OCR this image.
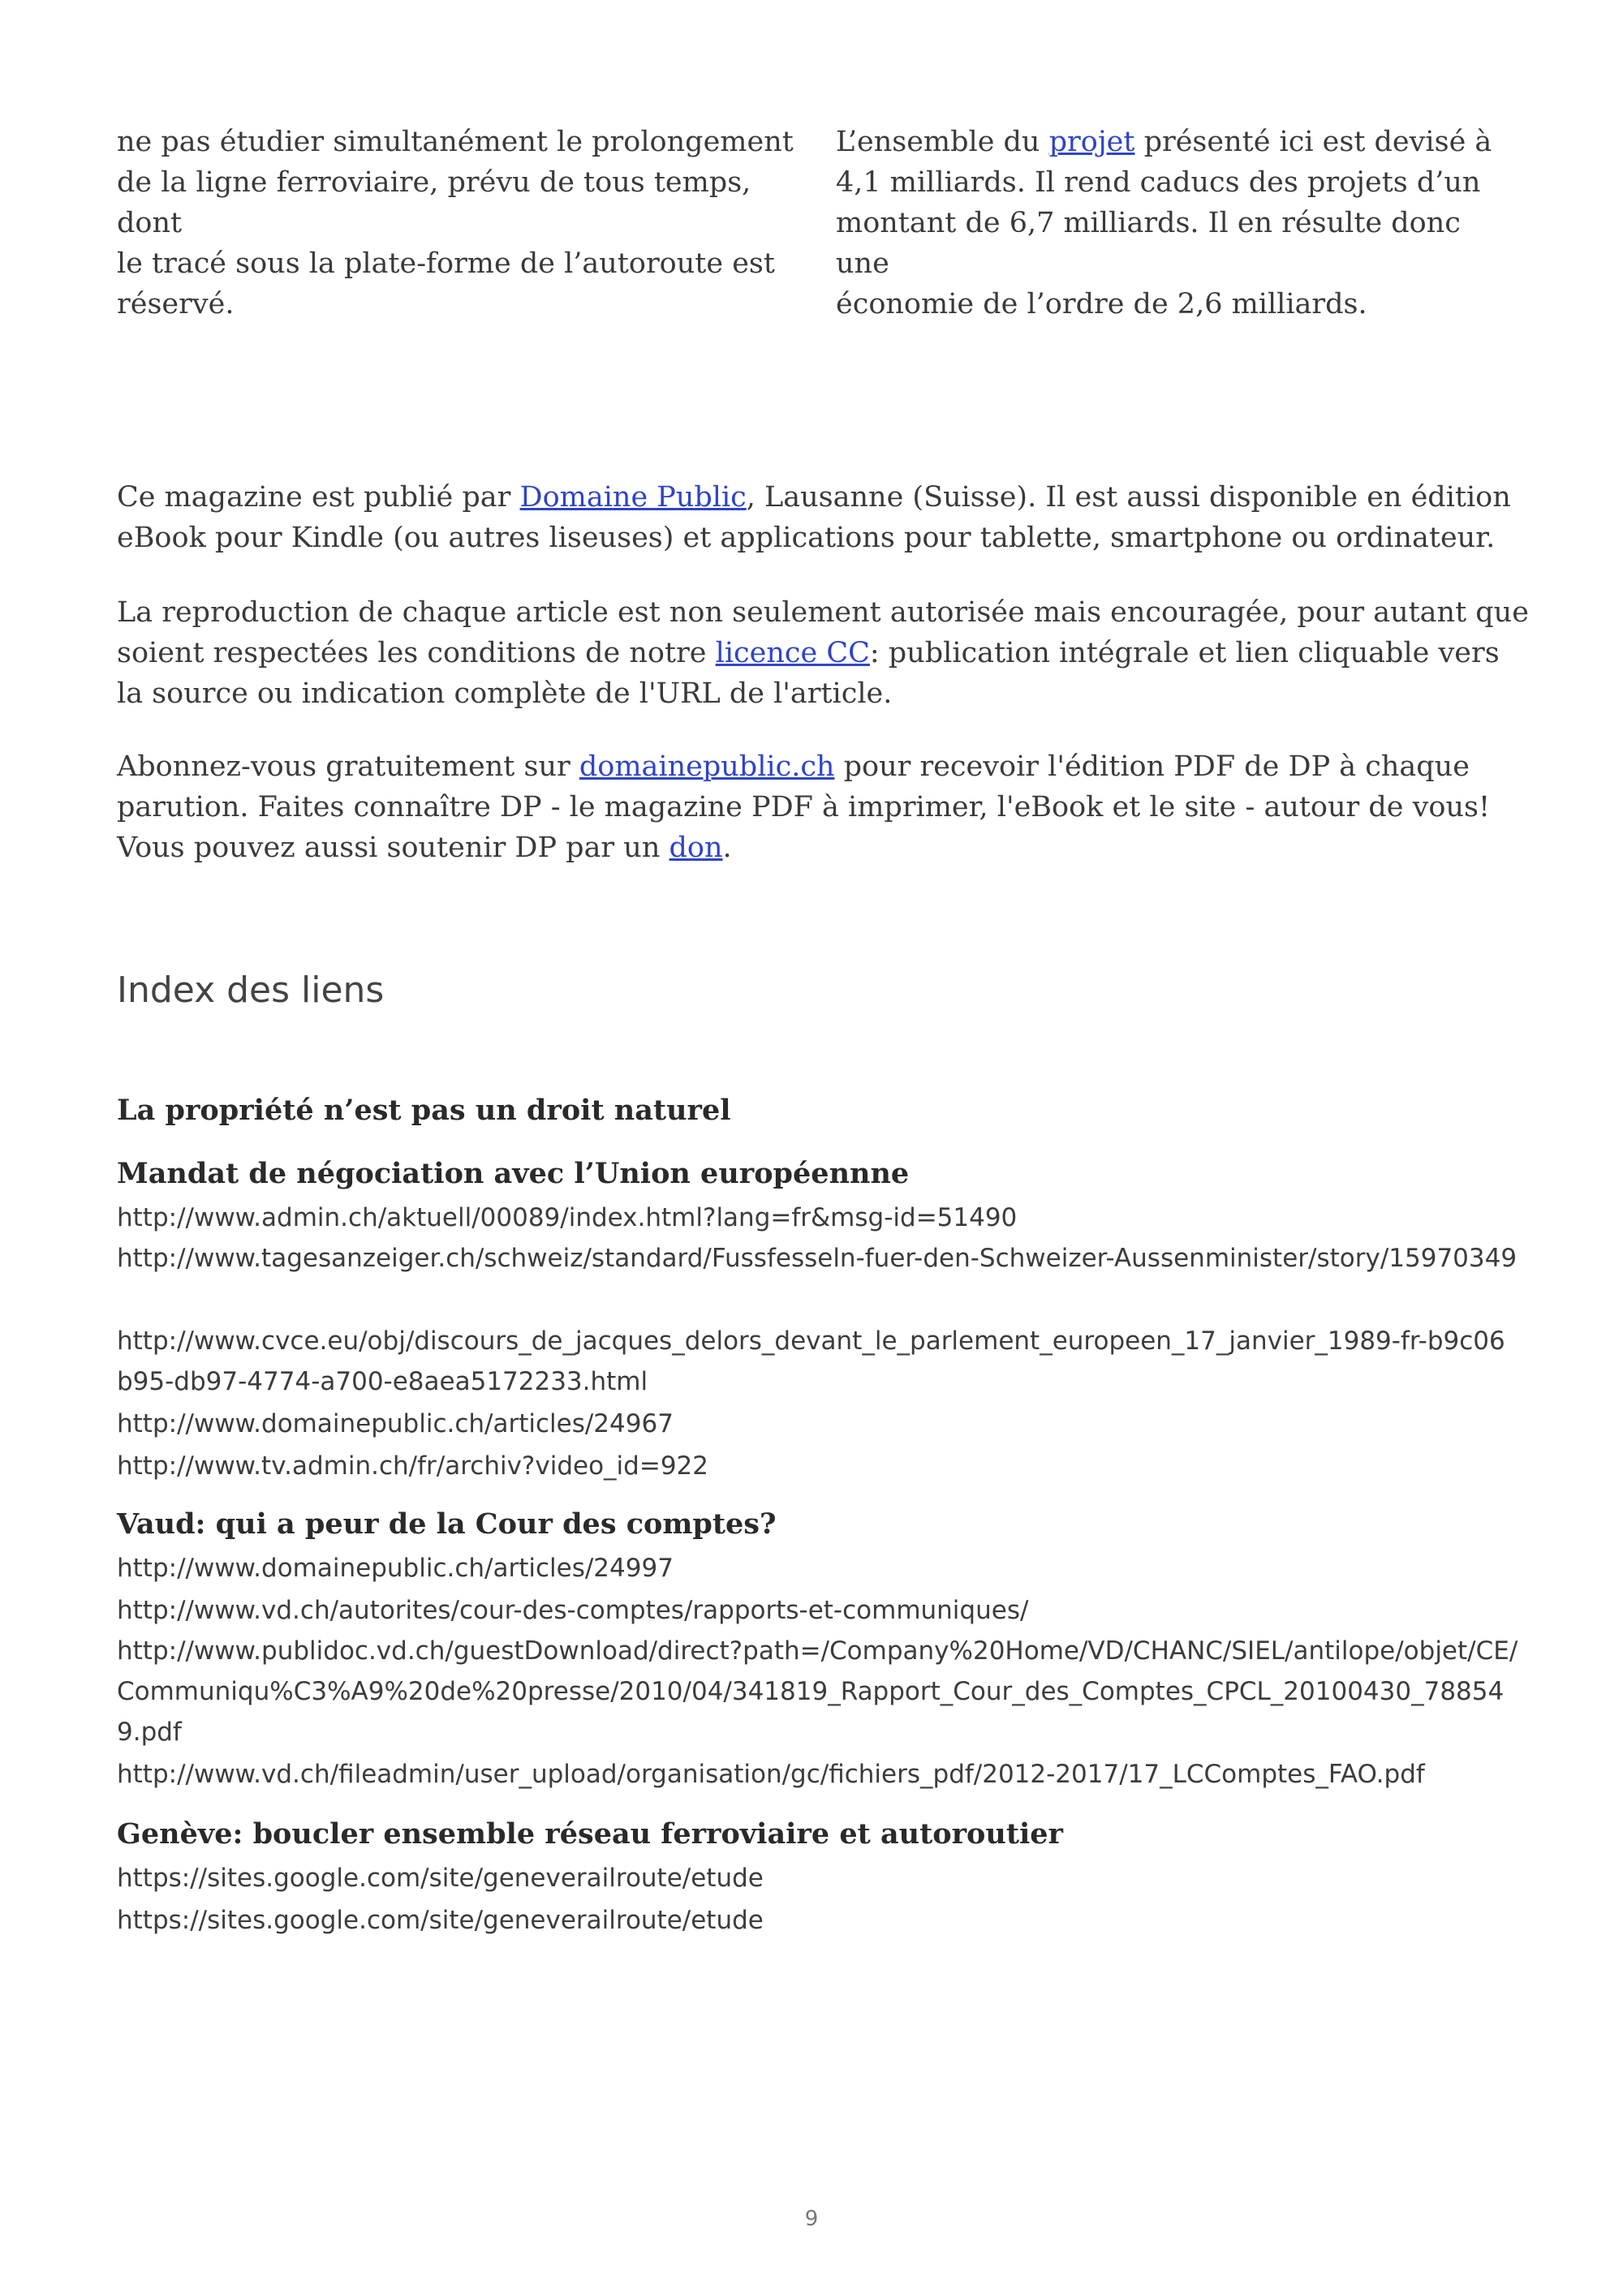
ne pas étudier simultanément le prolongement
de la ligne ferroviaire, prévu de tous temps, dont
le tracé sous la plate-forme de l’autoroute est
réservé.
L’ensemble du projet présenté ici est devisé à
4,1 milliards. Il rend caducs des projets d’un
montant de 6,7 milliards. Il en résulte donc une
économie de l’ordre de 2,6 milliards.

Ce magazine est publié par Domaine Public, Lausanne (Suisse). Il est aussi disponible en édition eBook pour Kindle (ou autres liseuses) et applications pour tablette, smartphone ou ordinateur.

La reproduction de chaque article est non seulement autorisée mais encouragée, pour autant que soient respectées les conditions de notre licence CC: publication intégrale et lien cliquable vers la source ou indication complète de l'URL de l'article.

Abonnez-vous gratuitement sur domainepublic.ch pour recevoir l'édition PDF de DP à chaque parution. Faites connaître DP - le magazine PDF à imprimer, l'eBook et le site - autour de vous! Vous pouvez aussi soutenir DP par un don.

Index des liens
La propriété n’est pas un droit naturel
Mandat de négociation avec l’Union européennne
http://www.admin.ch/aktuell/00089/index.html?lang=fr&msg-id=51490
http://www.tagesanzeiger.ch/schweiz/standard/Fussfesseln-fuer-den-Schweizer-Aussenminister/story/15970349
http://www.cvce.eu/obj/discours_de_jacques_delors_devant_le_parlement_europeen_17_janvier_1989-fr-b9c06b95-db97-4774-a700-e8aea5172233.html
http://www.domainepublic.ch/articles/24967
http://www.tv.admin.ch/fr/archiv?video_id=922
Vaud: qui a peur de la Cour des comptes?
http://www.domainepublic.ch/articles/24997
http://www.vd.ch/autorites/cour-des-comptes/rapports-et-communiques/
http://www.publidoc.vd.ch/guestDownload/direct?path=/Company%20Home/VD/CHANC/SIEL/antilope/objet/CE/Communiqu%C3%A9%20de%20presse/2010/04/341819_Rapport_Cour_des_Comptes_CPCL_20100430_788549.pdf
http://www.vd.ch/fileadmin/user_upload/organisation/gc/fichiers_pdf/2012-2017/17_LCComptes_FAO.pdf
Genève: boucler ensemble réseau ferroviaire et autoroutier
https://sites.google.com/site/geneverailroute/etude
https://sites.google.com/site/geneverailroute/etude
9
